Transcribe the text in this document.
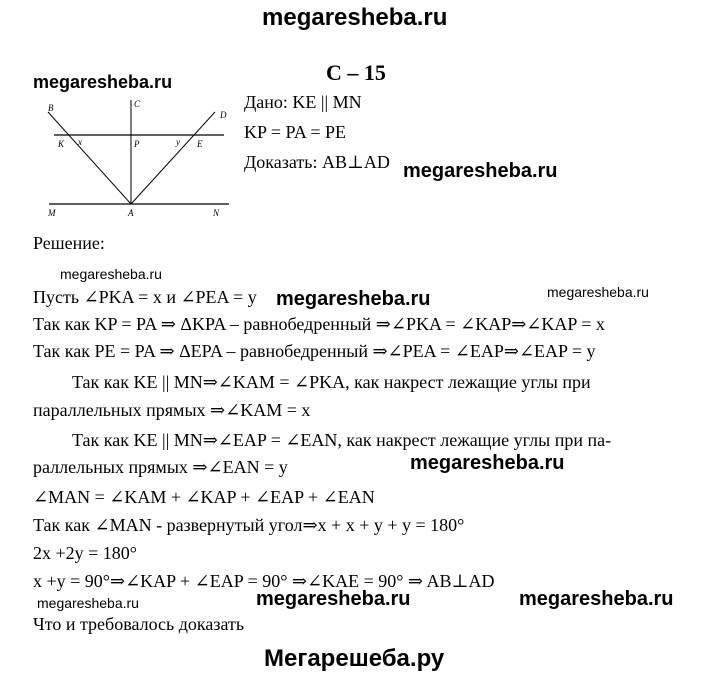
megaresheba.ru
megaresheba.ru	С – 15
Дано: KE || MN
KP = PA = PE
Доказать: AB⊥AD megaresheba.ru
B	C
D
K x	P	y E
M	A	N
Решение:
megaresheba.ru
Пусть ∠PKA = x и ∠PEA = y megaresheba.ru	megaresheba.ru
Так как KP = PA ⇒ ΔKPA – равнобедренный ⇒∠PKA = ∠KAP⇒∠KAP = x
Так как PE = PA ⇒ ΔEPA – равнобедренный ⇒∠PEA = ∠EAP⇒∠EAP = y
Так как KE || MN⇒∠KAM = ∠PKA, как накрест лежащие углы при
параллельных прямых ⇒∠KAM = x
Так как KE || MN⇒∠EAP = ∠EAN, как накрест лежащие углы при па-
раллельных прямых ⇒∠EAN = y	megaresheba.ru
∠MAN = ∠KAM + ∠KAP + ∠EAP + ∠EAN
Так как ∠MAN - развернутый угол⇒x + x + y + y = 180°
2x +2y = 180°
x +y = 90°⇒∠KAP + ∠EAP = 90° ⇒∠KAE = 90° ⇒ AB⊥AD
megaresheba.ru	megaresheba.ru	megaresheba.ru
Что и требовалось доказать
Мегарешеба.ру
